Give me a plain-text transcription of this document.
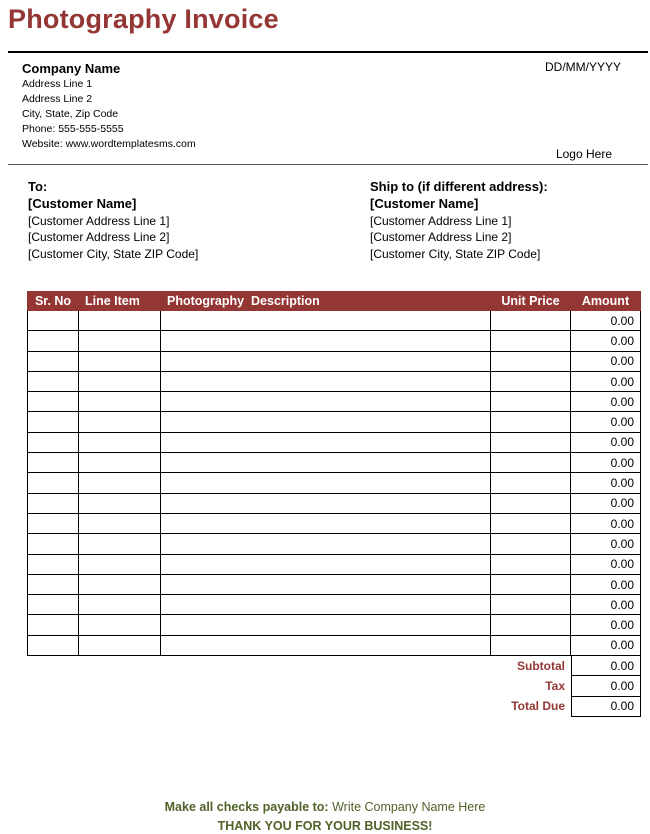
Photography Invoice
Company Name
Address Line 1
Address Line 2
City, State, Zip Code
Phone: 555-555-5555
Website: www.wordtemplatesms.com
DD/MM/YYYY
Logo Here
To:
[Customer Name]
[Customer Address Line 1]
[Customer Address Line 2]
[Customer City, State ZIP Code]
Ship to (if different address):
[Customer Name]
[Customer Address Line 1]
[Customer Address Line 2]
[Customer City, State ZIP Code]
Sr. No	Line Item	Photography  Description	Unit Price	Amount
				0.00
				0.00
				0.00
				0.00
				0.00
				0.00
				0.00
				0.00
				0.00
				0.00
				0.00
				0.00
				0.00
				0.00
				0.00
				0.00
				0.00
Subtotal	0.00
Tax	0.00
Total Due	0.00
Make all checks payable to: Write Company Name Here
THANK YOU FOR YOUR BUSINESS!
